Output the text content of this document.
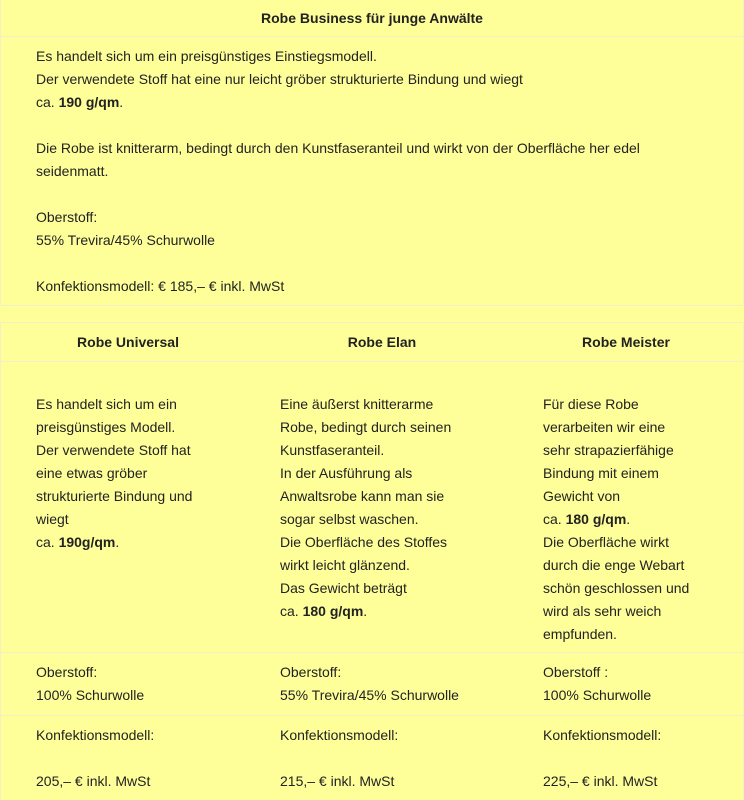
Robe Business für junge Anwälte

Es handelt sich um ein preisgünstiges Einstiegsmodell.

Der verwendete Stoff hat eine nur leicht gröber strukturierte Bindung und wiegt

ca. 190 g/qm.

Die Robe ist knitterarm, bedingt durch den Kunstfaseranteil und wirkt von der Oberfläche her edel

seidenmatt.

Oberstoff:

55% Trevira/45% Schurwolle

Konfektionsmodell: € 185,– € inkl. MwSt

Robe Universal	Robe Elan	Robe Meister

Es handelt sich um ein

preisgünstiges Modell.

Der verwendete Stoff hat

eine etwas gröber

strukturierte Bindung und

wiegt

ca. 190g/qm.

Eine äußerst knitterarme

Robe, bedingt durch seinen

Kunstfaseranteil.

In der Ausführung als

Anwaltsrobe kann man sie

sogar selbst waschen.

Die Oberfläche des Stoffes

wirkt leicht glänzend.

Das Gewicht beträgt

ca. 180 g/qm.

Für diese Robe

verarbeiten wir eine

sehr strapazierfähige

Bindung mit einem

Gewicht von

ca. 180 g/qm.

Die Oberfläche wirkt

durch die enge Webart

schön geschlossen und

wird als sehr weich

empfunden.

Oberstoff:

100% Schurwolle

Oberstoff:

55% Trevira/45% Schurwolle

Oberstoff :

100% Schurwolle

Konfektionsmodell:

205,– € inkl. MwSt

Konfektionsmodell:

215,– € inkl. MwSt

Konfektionsmodell:

225,– € inkl. MwSt
